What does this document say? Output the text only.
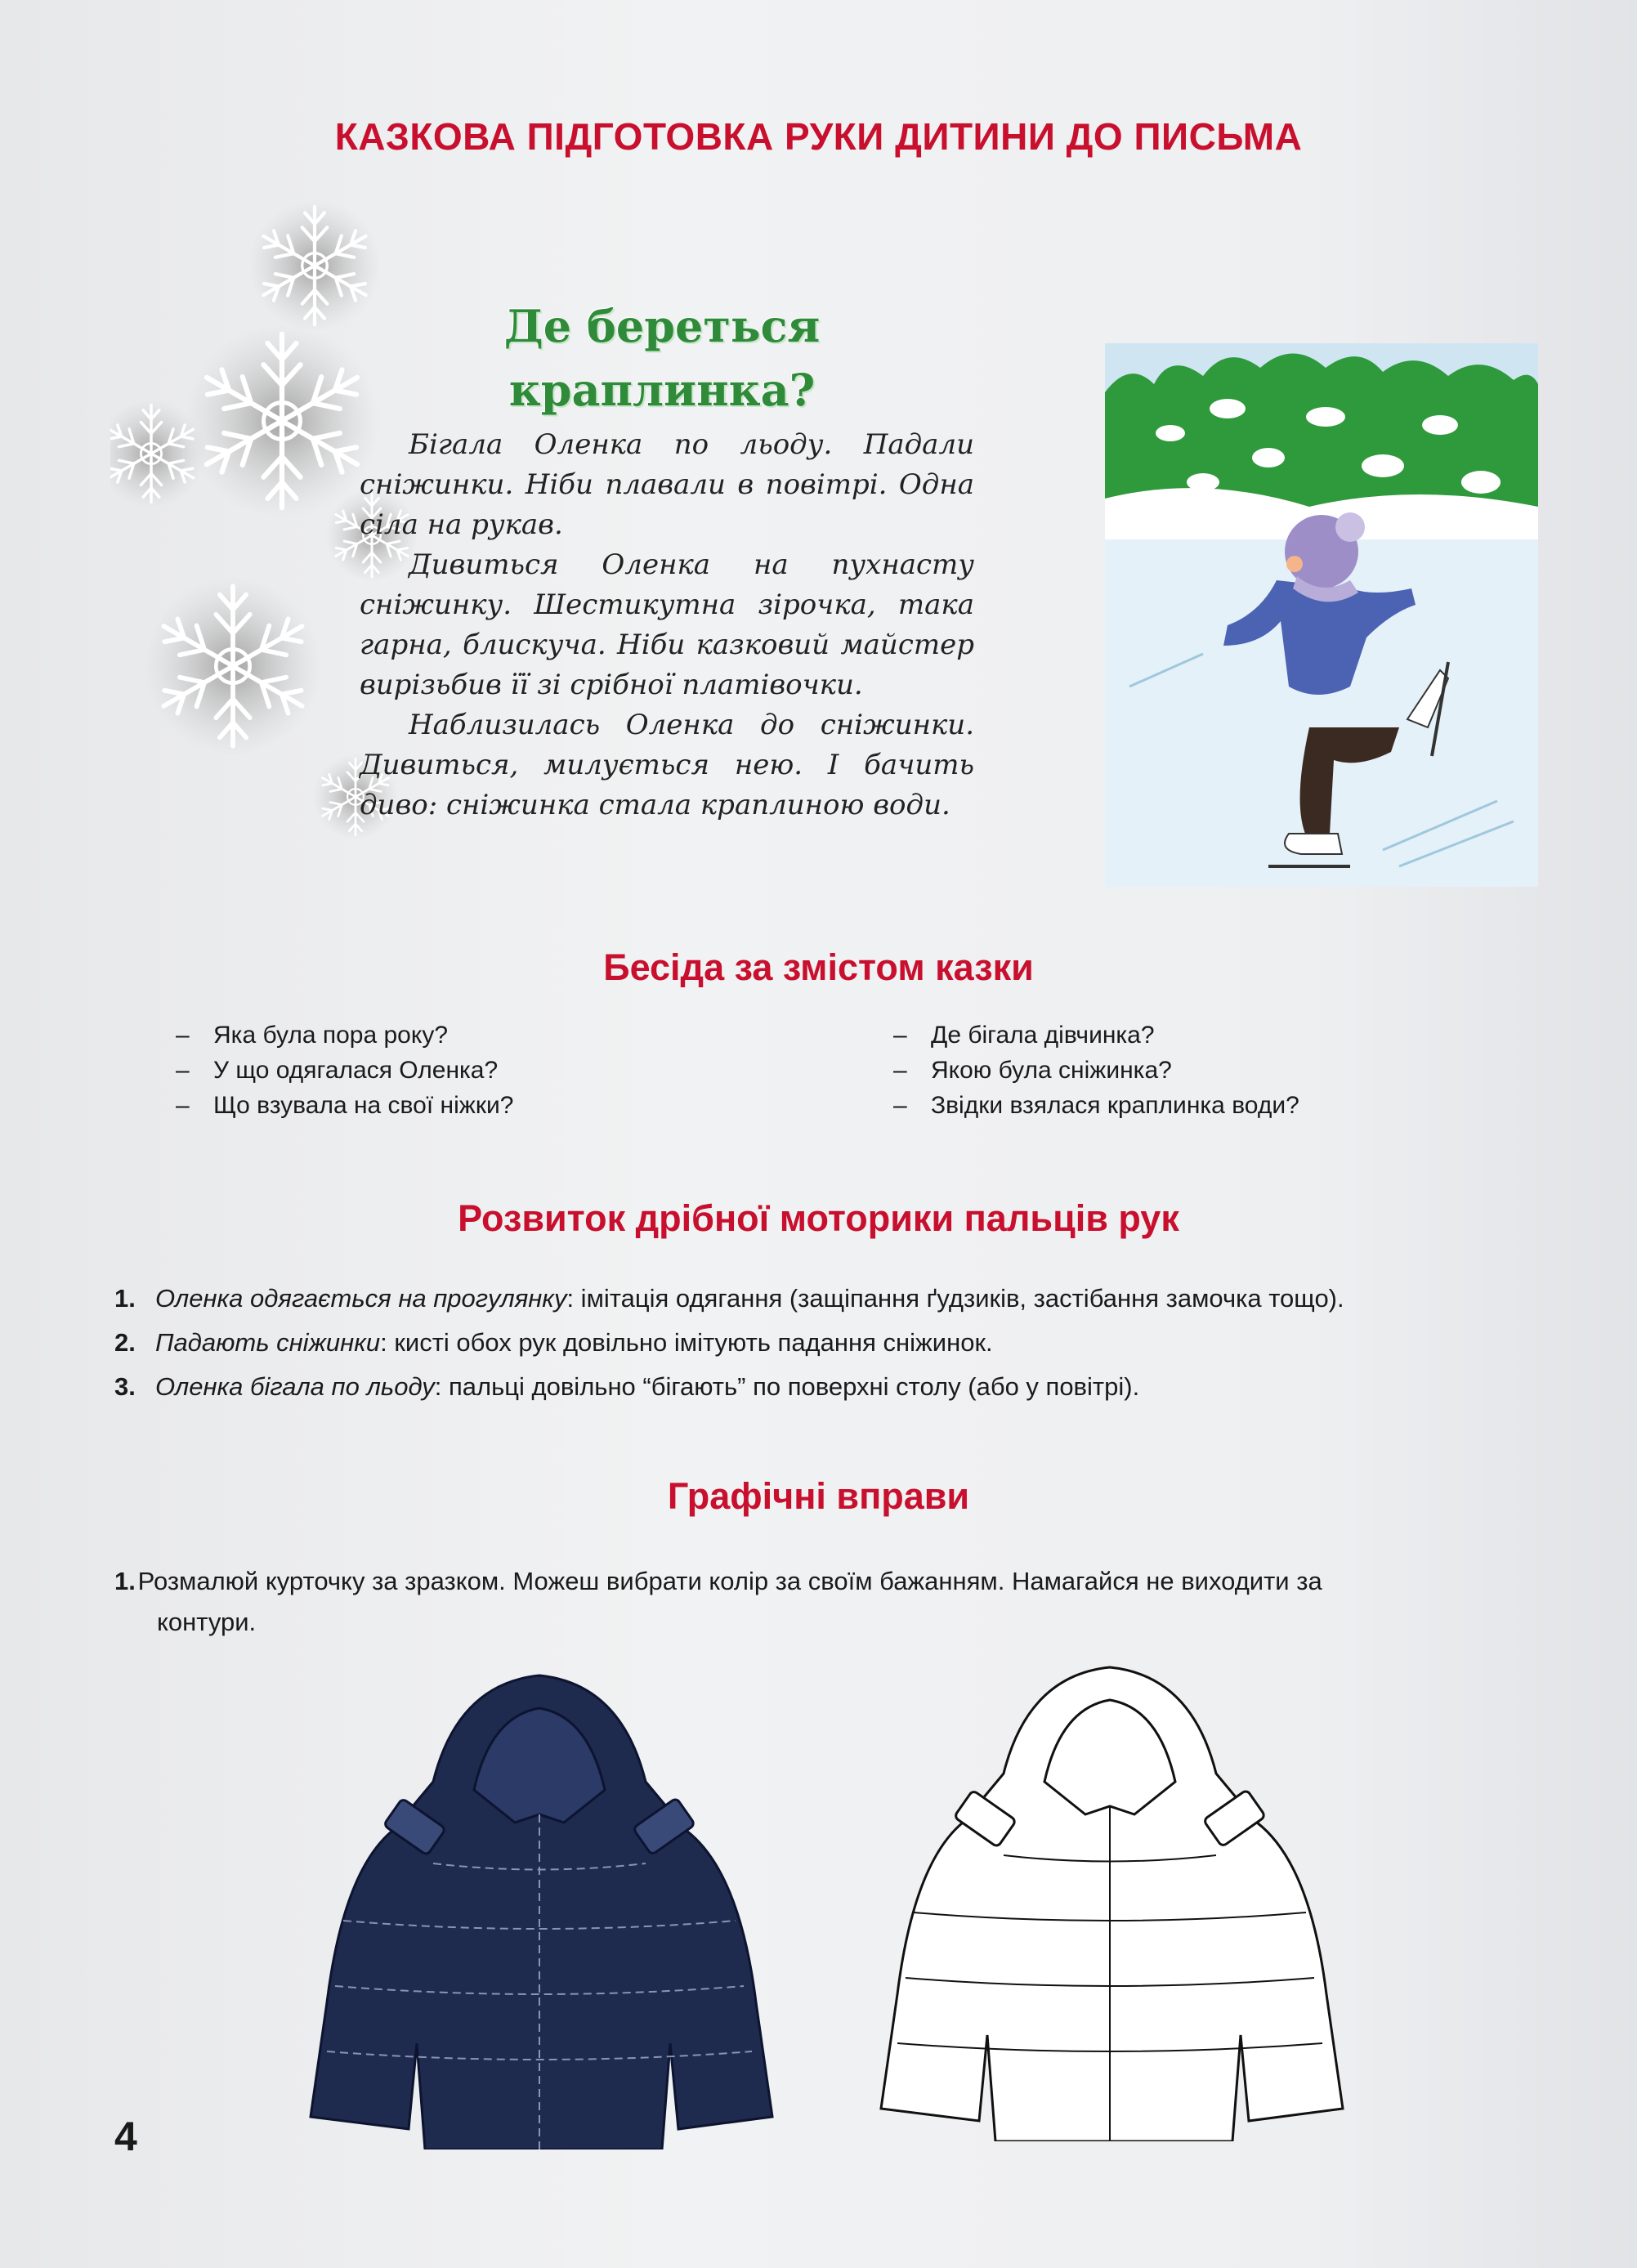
КАЗКОВА ПІДГОТОВКА РУКИ ДИТИНИ ДО ПИСЬМА
Де береться
краплинка?

Бігала Оленка по льоду. Падали сніжинки. Ніби плавали в повітрі. Одна сіла на рукав.

Дивиться Оленка на пухнасту сніжинку. Шестикутна зірочка, така гарна, блискуча. Ніби казковий майстер вирізьбив її зі срібної платівочки.

Наблизилась Оленка до сніжинки. Дивиться, милується нею. І бачить диво: сніжинка стала краплиною води.

Бесіда за змістом казки
– Яка була пора року?
– У що одягалася Оленка?
– Що взувала на свої ніжки?
– Де бігала дівчинка?
– Якою була сніжинка?
– Звідки взялася краплинка води?
Розвиток дрібної моторики пальців рук
1. Оленка одягається на прогулянку: імітація одягання (защіпання ґудзиків, застібання замочка тощо).
2. Падають сніжинки: кисті обох рук довільно імітують падання сніжинок.
3. Оленка бігала по льоду: пальці довільно “бігають” по поверхні столу (або у повітрі).
Графічні вправи
1. Розмалюй курточку за зразком. Можеш вибрати колір за своїм бажанням. Намагайся не виходити за
контури.
4
